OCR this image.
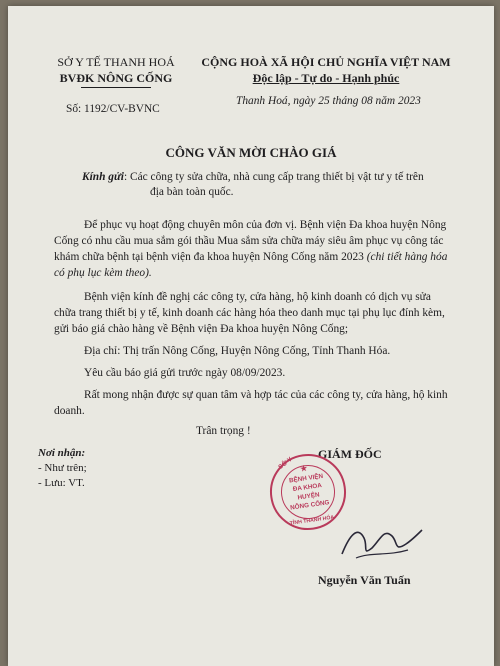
SỞ Y TẾ THANH HOÁ
BVĐK NÔNG CỐNG
Số: 1192/CV-BVNC
CỘNG HOÀ XÃ HỘI CHỦ NGHĨA VIỆT NAM
Độc lập - Tự do - Hạnh phúc
Thanh Hoá, ngày 25 tháng 08 năm 2023
CÔNG VĂN MỜI CHÀO GIÁ
Kính gửi: Các công ty sửa chữa, nhà cung cấp trang thiết bị vật tư y tế trên
địa bàn toàn quốc.
Để phục vụ hoạt động chuyên môn của đơn vị. Bệnh viện Đa khoa huyện Nông
Cống có nhu cầu mua sắm gói thầu Mua sắm sửa chữa máy siêu âm phục vụ công tác
khám chữa bệnh tại bệnh viện đa khoa huyện Nông Cống năm 2023 (chi tiết hàng hóa
có phụ lục kèm theo).
Bệnh viện kính đề nghị các công ty, cửa hàng, hộ kinh doanh có dịch vụ sửa
chữa trang thiết bị y tế, kinh doanh các hàng hóa theo danh mục tại phụ lục đính kèm,
gửi báo giá chào hàng về Bệnh viện Đa khoa huyện Nông Cống;
Địa chỉ: Thị trấn Nông Cống, Huyện Nông Cống, Tỉnh Thanh Hóa.
Yêu cầu báo giá gửi trước ngày 08/09/2023.
Rất mong nhận được sự quan tâm và hợp tác của các công ty, cửa hàng, hộ kinh
doanh.
Trân trọng !
Nơi nhận:
- Như trên;
- Lưu: VT.
GIÁM ĐỐC
★
SỞ Y
BỆNH VIỆN
ĐA KHOA
HUYỆN
NÔNG CỐNG
TỈNH THANH HÓA
Nguyễn Văn Tuấn
